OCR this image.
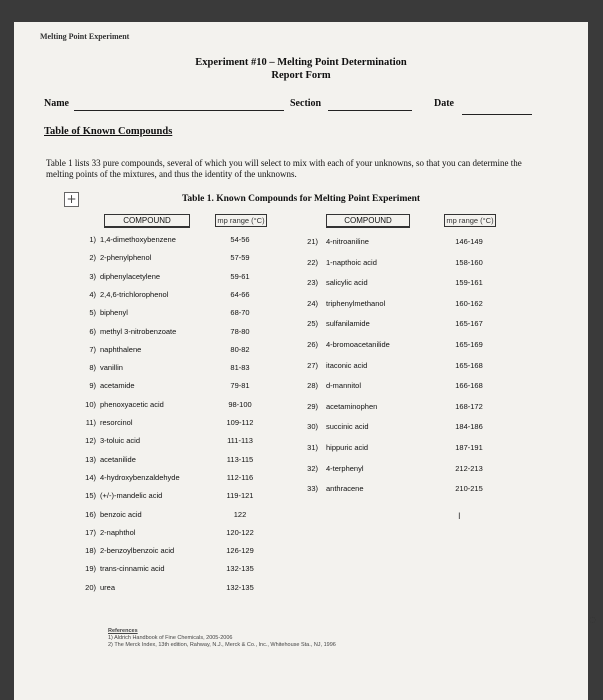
Melting Point Experiment
Experiment #10 – Melting Point Determination
Report Form
Name	Section	Date
Table of Known Compounds
Table 1 lists 33 pure compounds, several of which you will select to mix with each of your unknowns, so that you can determine the melting points of the mixtures, and thus the identity of the unknowns.
+	Table 1. Known Compounds for Melting Point Experiment
COMPOUND	mp range (°C)	COMPOUND	mp range (°C)
1) 1,4-dimethoxybenzene	54-56
2) 2-phenylphenol	57-59
3) diphenylacetylene	59-61
4) 2,4,6-trichlorophenol	64-66
5) biphenyl	68-70
6) methyl 3-nitrobenzoate	78-80
7) naphthalene	80-82
8) vanillin	81-83
9) acetamide	79-81
10) phenoxyacetic acid	98-100
11) resorcinol	109-112
12) 3-toluic acid	111-113
13) acetanilide	113-115
14) 4-hydroxybenzaldehyde	112-116
15) (+/-)-mandelic acid	119-121
16) benzoic acid	122
17) 2-naphthol	120-122
18) 2-benzoylbenzoic acid	126-129
19) trans-cinnamic acid	132-135
20) urea	132-135
21) 4-nitroaniline	146-149
22) 1-napthoic acid	158-160
23) salicylic acid	159-161
24) triphenylmethanol	160-162
25) sulfanilamide	165-167
26) 4-bromoacetanilide	165-169
27) itaconic acid	165-168
28) d-mannitol	166-168
29) acetaminophen	168-172
30) succinic acid	184-186
31) hippuric acid	187-191
32) 4-terphenyl	212-213
33) anthracene	210-215
Ⅰ
References
1) Aldrich Handbook of Fine Chemicals, 2005-2006
2) The Merck Index, 13th edition, Rahway, N.J., Merck & Co., Inc., Whitehouse Sta., NJ, 1996
◌
